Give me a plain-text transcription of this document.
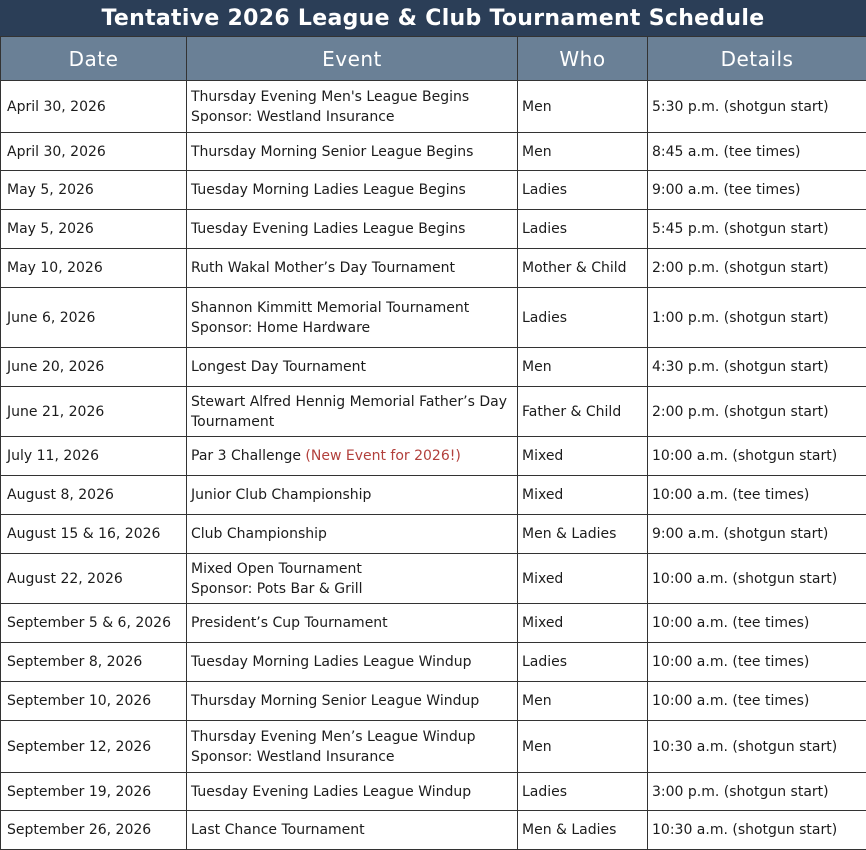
Tentative 2026 League & Club Tournament Schedule
Date	Event	Who	Details
April 30, 2026	Thursday Evening Men's League Begins
Sponsor: Westland Insurance	Men	5:30 p.m. (shotgun start)
April 30, 2026	Thursday Morning Senior League Begins	Men	8:45 a.m. (tee times)
May 5, 2026	Tuesday Morning Ladies League Begins	Ladies	9:00 a.m. (tee times)
May 5, 2026	Tuesday Evening Ladies League Begins	Ladies	5:45 p.m. (shotgun start)
May 10, 2026	Ruth Wakal Mother’s Day Tournament	Mother & Child	2:00 p.m. (shotgun start)
June 6, 2026	Shannon Kimmitt Memorial Tournament
Sponsor: Home Hardware	Ladies	1:00 p.m. (shotgun start)
June 20, 2026	Longest Day Tournament	Men	4:30 p.m. (shotgun start)
June 21, 2026	Stewart Alfred Hennig Memorial Father’s Day Tournament	Father & Child	2:00 p.m. (shotgun start)
July 11, 2026	Par 3 Challenge (New Event for 2026!)	Mixed	10:00 a.m. (shotgun start)
August 8, 2026	Junior Club Championship	Mixed	10:00 a.m. (tee times)
August 15 & 16, 2026	Club Championship	Men & Ladies	9:00 a.m. (shotgun start)
August 22, 2026	Mixed Open Tournament
Sponsor: Pots Bar & Grill	Mixed	10:00 a.m. (shotgun start)
September 5 & 6, 2026	President’s Cup Tournament	Mixed	10:00 a.m. (tee times)
September 8, 2026	Tuesday Morning Ladies League Windup	Ladies	10:00 a.m. (tee times)
September 10, 2026	Thursday Morning Senior League Windup	Men	10:00 a.m. (tee times)
September 12, 2026	Thursday Evening Men’s League Windup
Sponsor: Westland Insurance	Men	10:30 a.m. (shotgun start)
September 19, 2026	Tuesday Evening Ladies League Windup	Ladies	3:00 p.m. (shotgun start)
September 26, 2026	Last Chance Tournament	Men & Ladies	10:30 a.m. (shotgun start)
